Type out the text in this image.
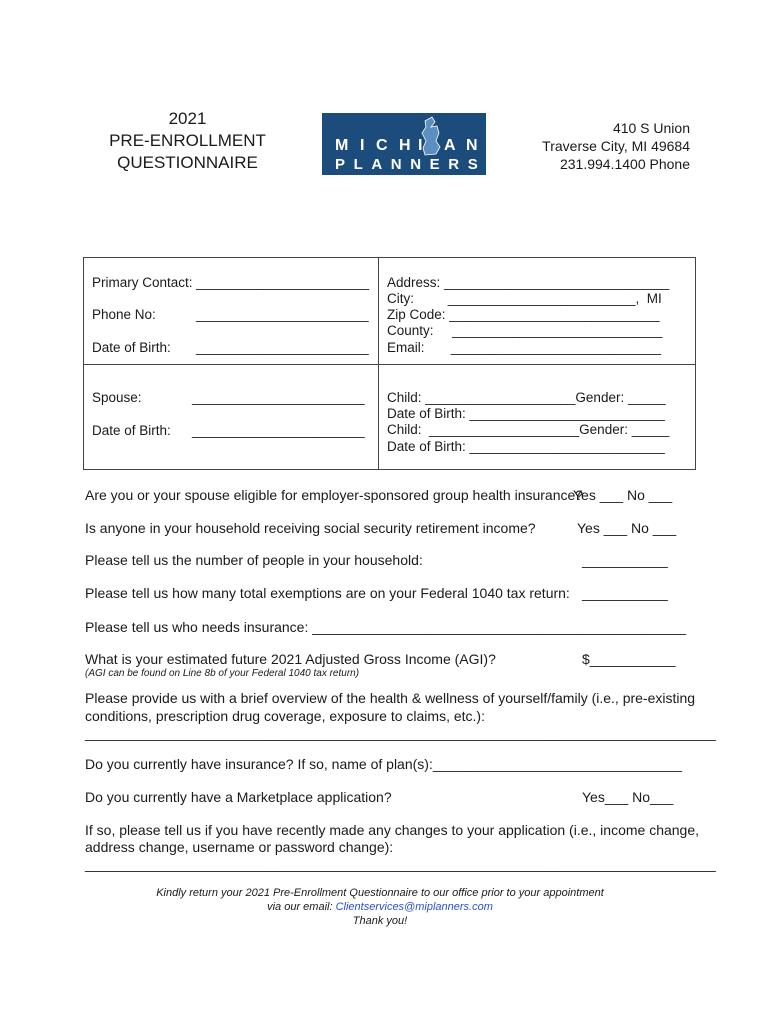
2021
PRE-ENROLLMENT
QUESTIONNAIRE
M I C H I A N
PLANNERS
410 S Union
Traverse City, MI 49684
231.994.1400 Phone
Primary Contact: _______________________
Phone No:	_______________________
Date of Birth: _______________________
Address: ______________________________
City:         _________________________,  MI
Zip Code: ____________________________
County:     ____________________________
Email:       ____________________________
Spouse:	_______________________
Date of Birth: _______________________
Child: ____________________Gender: _____
Date of Birth: __________________________
Child:  ____________________Gender: _____
Date of Birth: __________________________
Are you or your spouse eligible for employer-sponsored group health insurance?
Yes ___ No ___
Is anyone in your household receiving social security retirement income?	Yes ___ No ___
Please tell us the number of people in your household:	___________
Please tell us how many total exemptions are on your Federal 1040 tax return: ___________
Please tell us who needs insurance: ________________________________________________
What is your estimated future 2021 Adjusted Gross Income (AGI)?	$___________
(AGI can be found on Line 8b of your Federal 1040 tax return)
Please provide us with a brief overview of the health & wellness of yourself/family (i.e., pre-existing
conditions, prescription drug coverage, exposure to claims, etc.):
_________________________________________________________________________________
Do you currently have insurance? If so, name of plan(s):________________________________
Do you currently have a Marketplace application?	Yes___ No___
If so, please tell us if you have recently made any changes to your application (i.e., income change,
address change, username or password change):
_________________________________________________________________________________
Kindly return your 2021 Pre-Enrollment Questionnaire to our office prior to your appointment
via our email: Clientservices@miplanners.com
Thank you!
